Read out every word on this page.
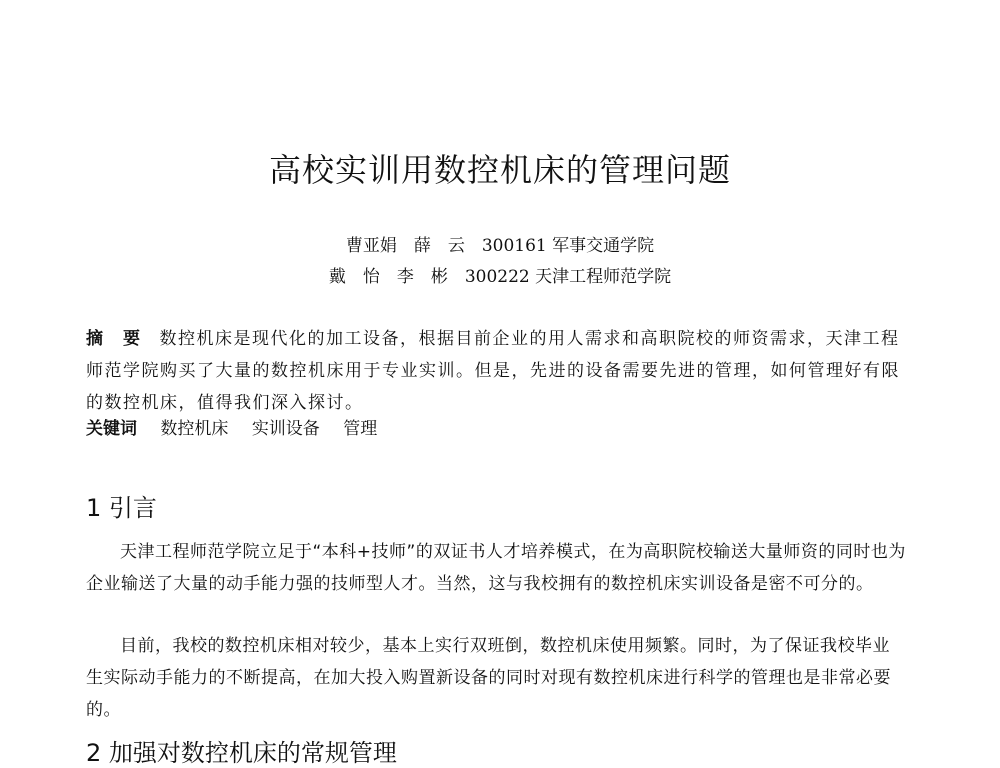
高校实训用数控机床的管理问题
曹亚娟　薛　云　300161 军事交通学院
戴　怡　李　彬　300222 天津工程师范学院
摘　要 数控机床是现代化的加工设备，根据目前企业的用人需求和高职院校的师资需求，天津工程师范学院购买了大量的数控机床用于专业实训。但是，先进的设备需要先进的管理，如何管理好有限的数控机床，值得我们深入探讨。
关键词 数控机床 实训设备 管理
1 引言
天津工程师范学院立足于“本科+技师”的双证书人才培养模式，在为高职院校输送大量师资的同时也为企业输送了大量的动手能力强的技师型人才。当然，这与我校拥有的数控机床实训设备是密不可分的。
目前，我校的数控机床相对较少，基本上实行双班倒，数控机床使用频繁。同时，为了保证我校毕业生实际动手能力的不断提高，在加大投入购置新设备的同时对现有数控机床进行科学的管理也是非常必要的。
2 加强对数控机床的常规管理
